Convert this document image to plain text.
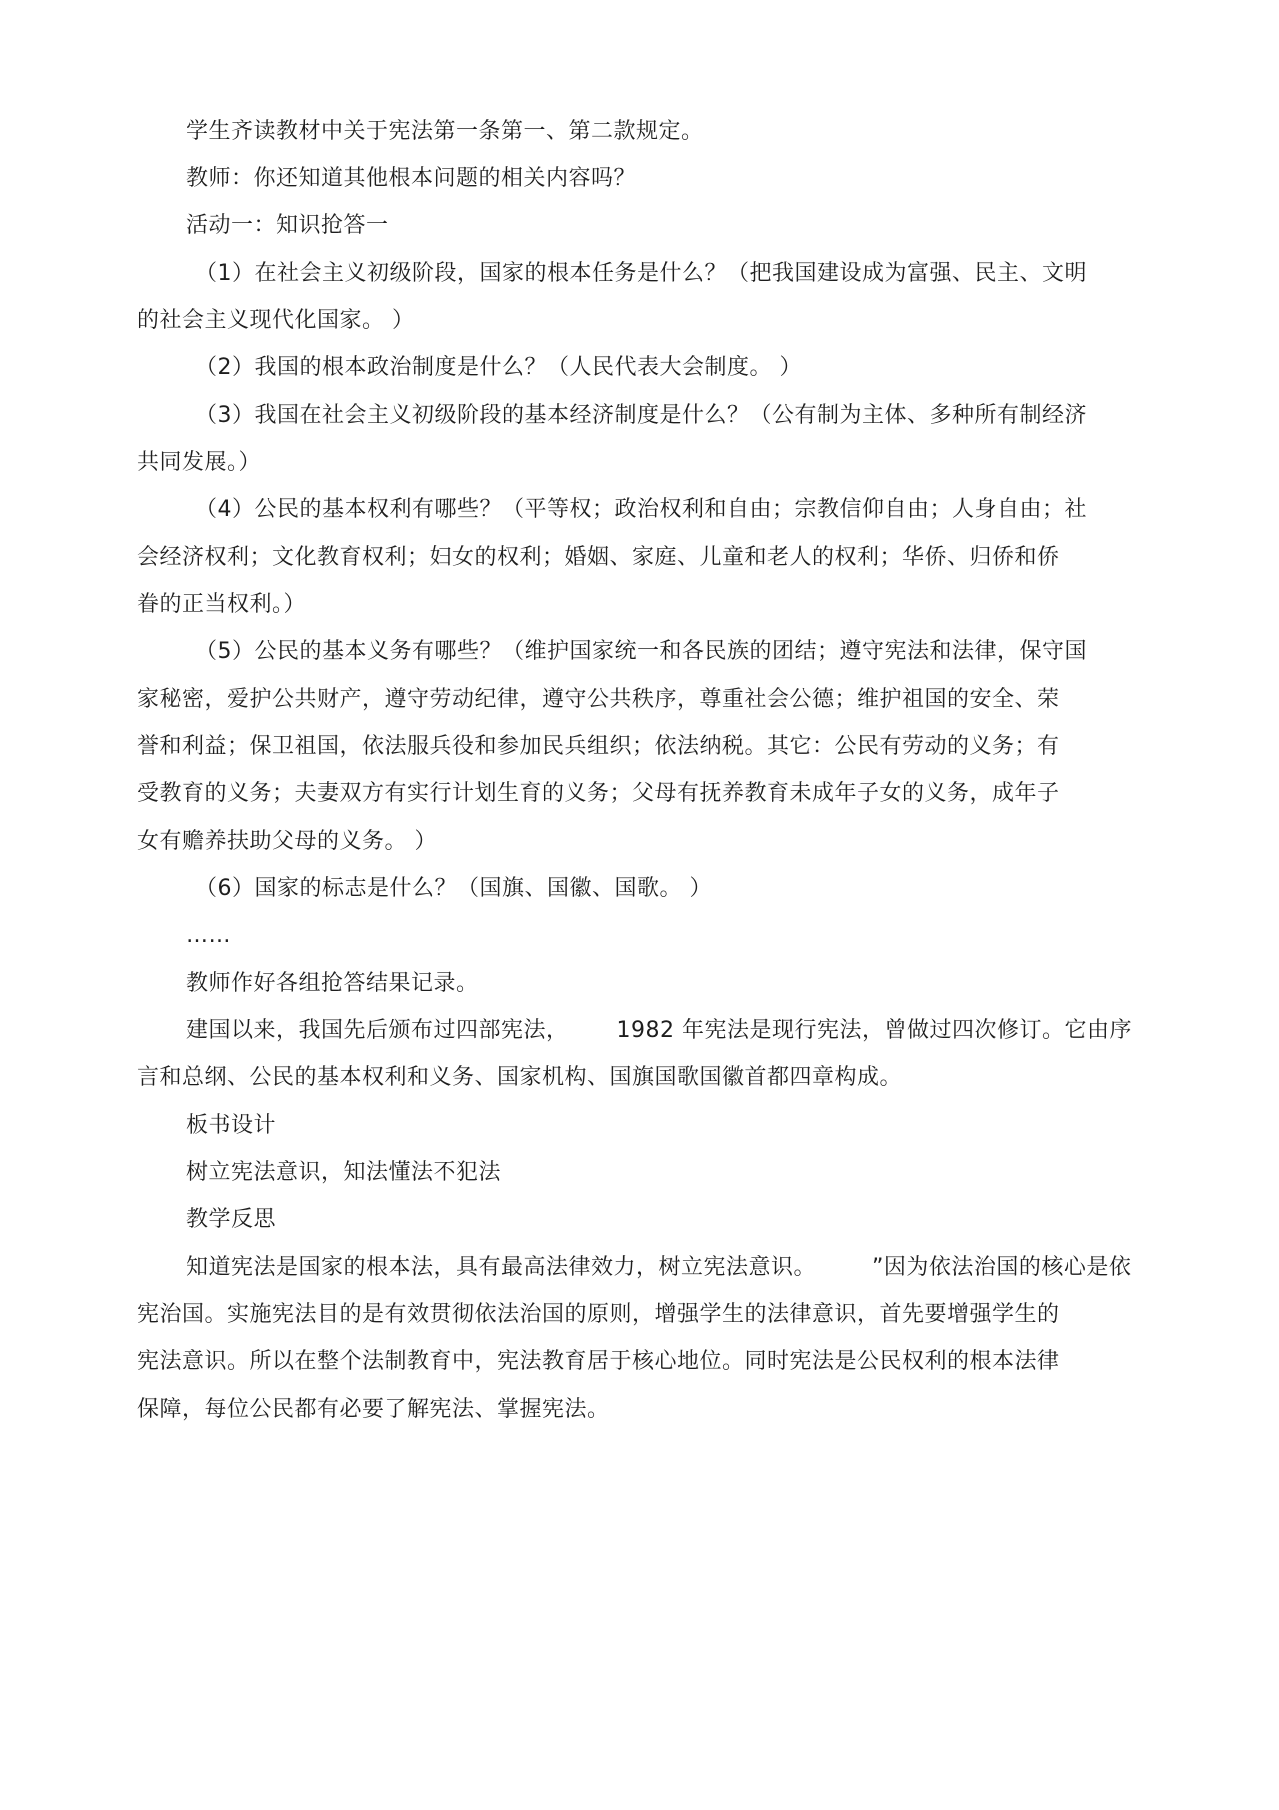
学生齐读教材中关于宪法第一条第一、第二款规定。
教师：你还知道其他根本问题的相关内容吗？
活动一：知识抢答一
（1）在社会主义初级阶段，国家的根本任务是什么？（把我国建设成为富强、民主、文明
的社会主义现代化国家。 ）
（2）我国的根本政治制度是什么？（人民代表大会制度。 ）
（3）我国在社会主义初级阶段的基本经济制度是什么？（公有制为主体、多种所有制经济
共同发展。）
（4）公民的基本权利有哪些？（平等权；政治权利和自由；宗教信仰自由；人身自由；社
会经济权利；文化教育权利；妇女的权利；婚姻、家庭、儿童和老人的权利；华侨、归侨和侨
眷的正当权利。）
（5）公民的基本义务有哪些？（维护国家统一和各民族的团结；遵守宪法和法律，保守国
家秘密，爱护公共财产，遵守劳动纪律，遵守公共秩序，尊重社会公德；维护祖国的安全、荣
誉和利益；保卫祖国，依法服兵役和参加民兵组织；依法纳税。其它：公民有劳动的义务；有
受教育的义务；夫妻双方有实行计划生育的义务；父母有抚养教育未成年子女的义务，成年子
女有赡养扶助父母的义务。 ）
（6）国家的标志是什么？（国旗、国徽、国歌。 ）
……
教师作好各组抢答结果记录。
建国以来，我国先后颁布过四部宪法， 1982 年宪法是现行宪法，曾做过四次修订。它由序
言和总纲、公民的基本权利和义务、国家机构、国旗国歌国徽首都四章构成。
板书设计
树立宪法意识，知法懂法不犯法
教学反思
知道宪法是国家的根本法，具有最高法律效力，树立宪法意识。	”因为依法治国的核心是依
宪治国。实施宪法目的是有效贯彻依法治国的原则，增强学生的法律意识，首先要增强学生的
宪法意识。所以在整个法制教育中，宪法教育居于核心地位。同时宪法是公民权利的根本法律
保障，每位公民都有必要了解宪法、掌握宪法。
